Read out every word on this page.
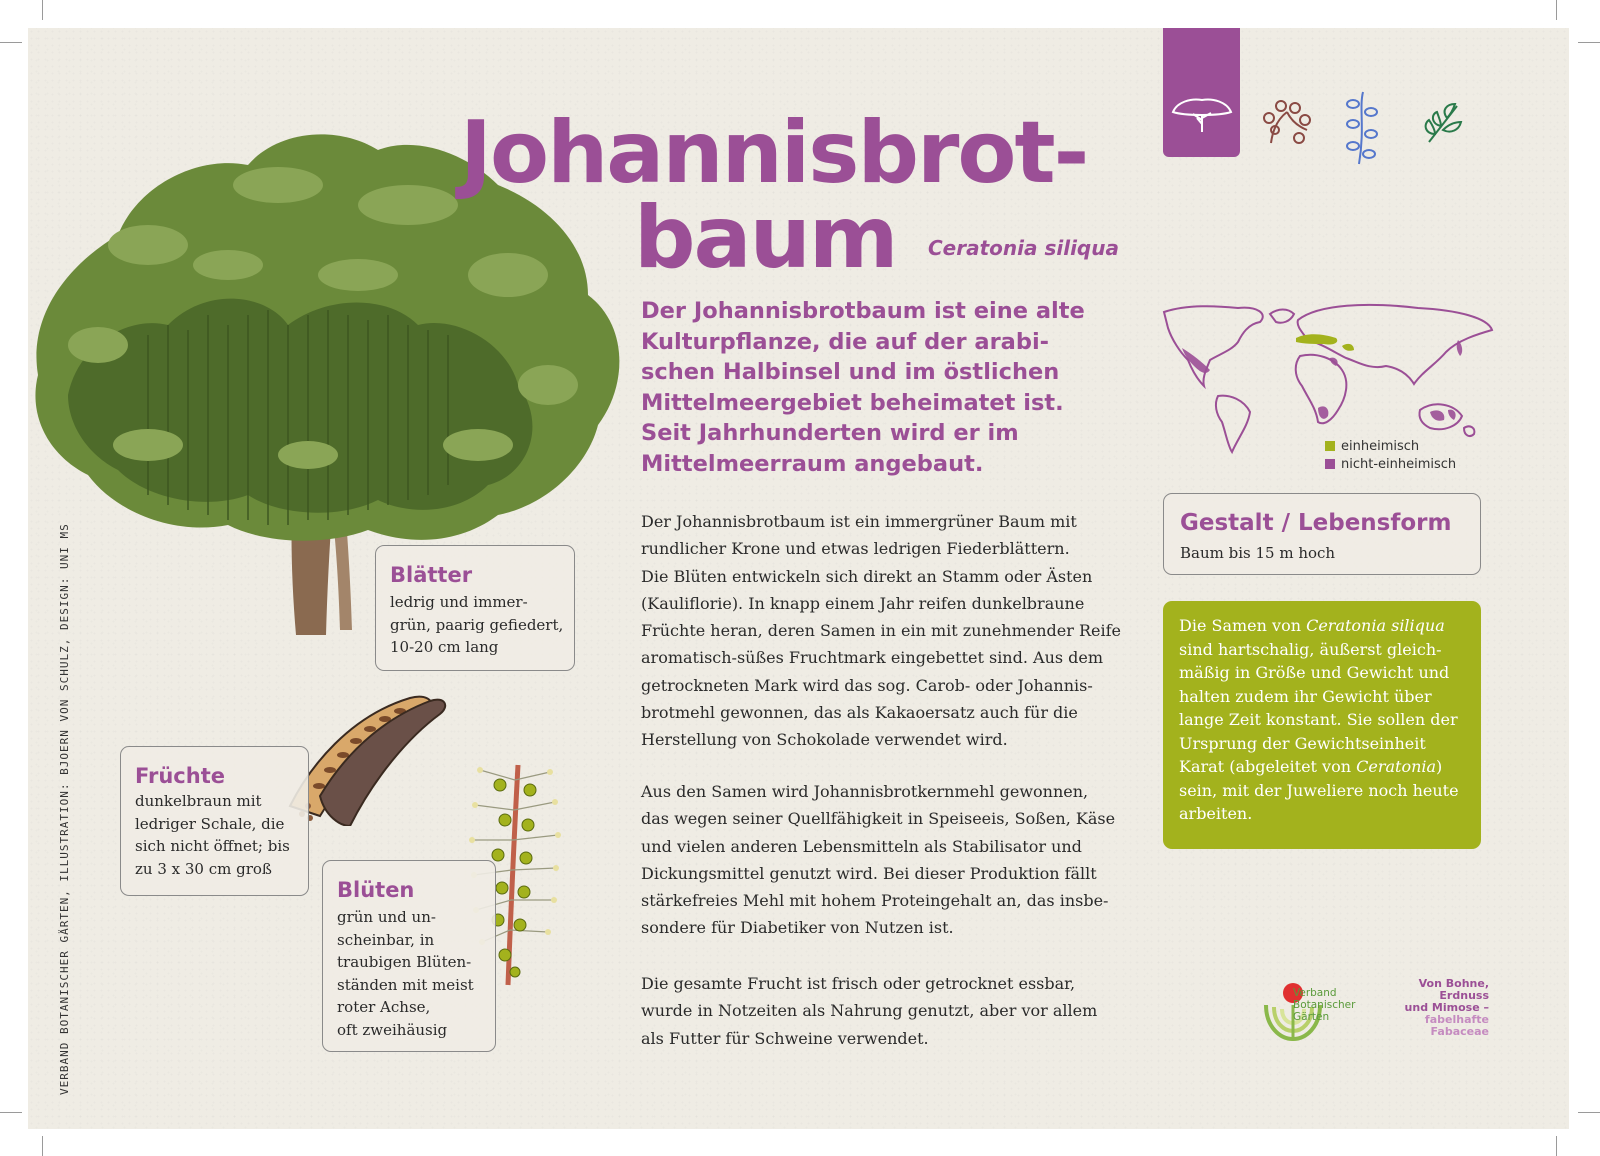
VERBAND BOTANISCHER GÄRTEN, ILLUSTRATION: BJOERN VON SCHULZ, DESIGN: UNI MS
Johannisbrot-
baum Ceratonia siliqua
Der Johannisbrotbaum ist eine alte
Kulturpflanze, die auf der arabi-
schen Halbinsel und im östlichen
Mittelmeergebiet beheimatet ist.
Seit Jahrhunderten wird er im
Mittelmeerraum angebaut.
Der Johannisbrotbaum ist ein immergrüner Baum mit
rundlicher Krone und etwas ledrigen Fiederblättern.
Die Blüten entwickeln sich direkt an Stamm oder Ästen
(Kauliflorie). In knapp einem Jahr reifen dunkelbraune
Früchte heran, deren Samen in ein mit zunehmender Reife
aromatisch-süßes Fruchtmark eingebettet sind. Aus dem
getrockneten Mark wird das sog. Carob- oder Johannis-
brotmehl gewonnen, das als Kakaoersatz auch für die
Herstellung von Schokolade verwendet wird.
Aus den Samen wird Johannisbrotkernmehl gewonnen,
das wegen seiner Quellfähigkeit in Speiseeis, Soßen, Käse
und vielen anderen Lebensmitteln als Stabilisator und
Dickungsmittel genutzt wird. Bei dieser Produktion fällt
stärkefreies Mehl mit hohem Proteingehalt an, das insbe-
sondere für Diabetiker von Nutzen ist.
Die gesamte Frucht ist frisch oder getrocknet essbar,
wurde in Notzeiten als Nahrung genutzt, aber vor allem
als Futter für Schweine verwendet.
Blätter
ledrig und immer-
grün, paarig gefiedert,
10-20 cm lang
Früchte
dunkelbraun mit
ledriger Schale, die
sich nicht öffnet; bis
zu 3 x 30 cm groß
Blüten
grün und un-
scheinbar, in
traubigen Blüten-
ständen mit meist
roter Achse,
oft zweihäusig
einheimisch
nicht-einheimisch
Gestalt / Lebensform
Baum bis 15 m hoch
Die Samen von Ceratonia siliqua
sind hartschalig, äußerst gleich-
mäßig in Größe und Gewicht und
halten zudem ihr Gewicht über
lange Zeit konstant. Sie sollen der
Ursprung der Gewichtseinheit
Karat (abgeleitet von Ceratonia)
sein, mit der Juweliere noch heute
arbeiten.
Verband
Botanischer
Gärten
Von Bohne,
Erdnuss
und Mimose –
fabelhafte
Fabaceae
